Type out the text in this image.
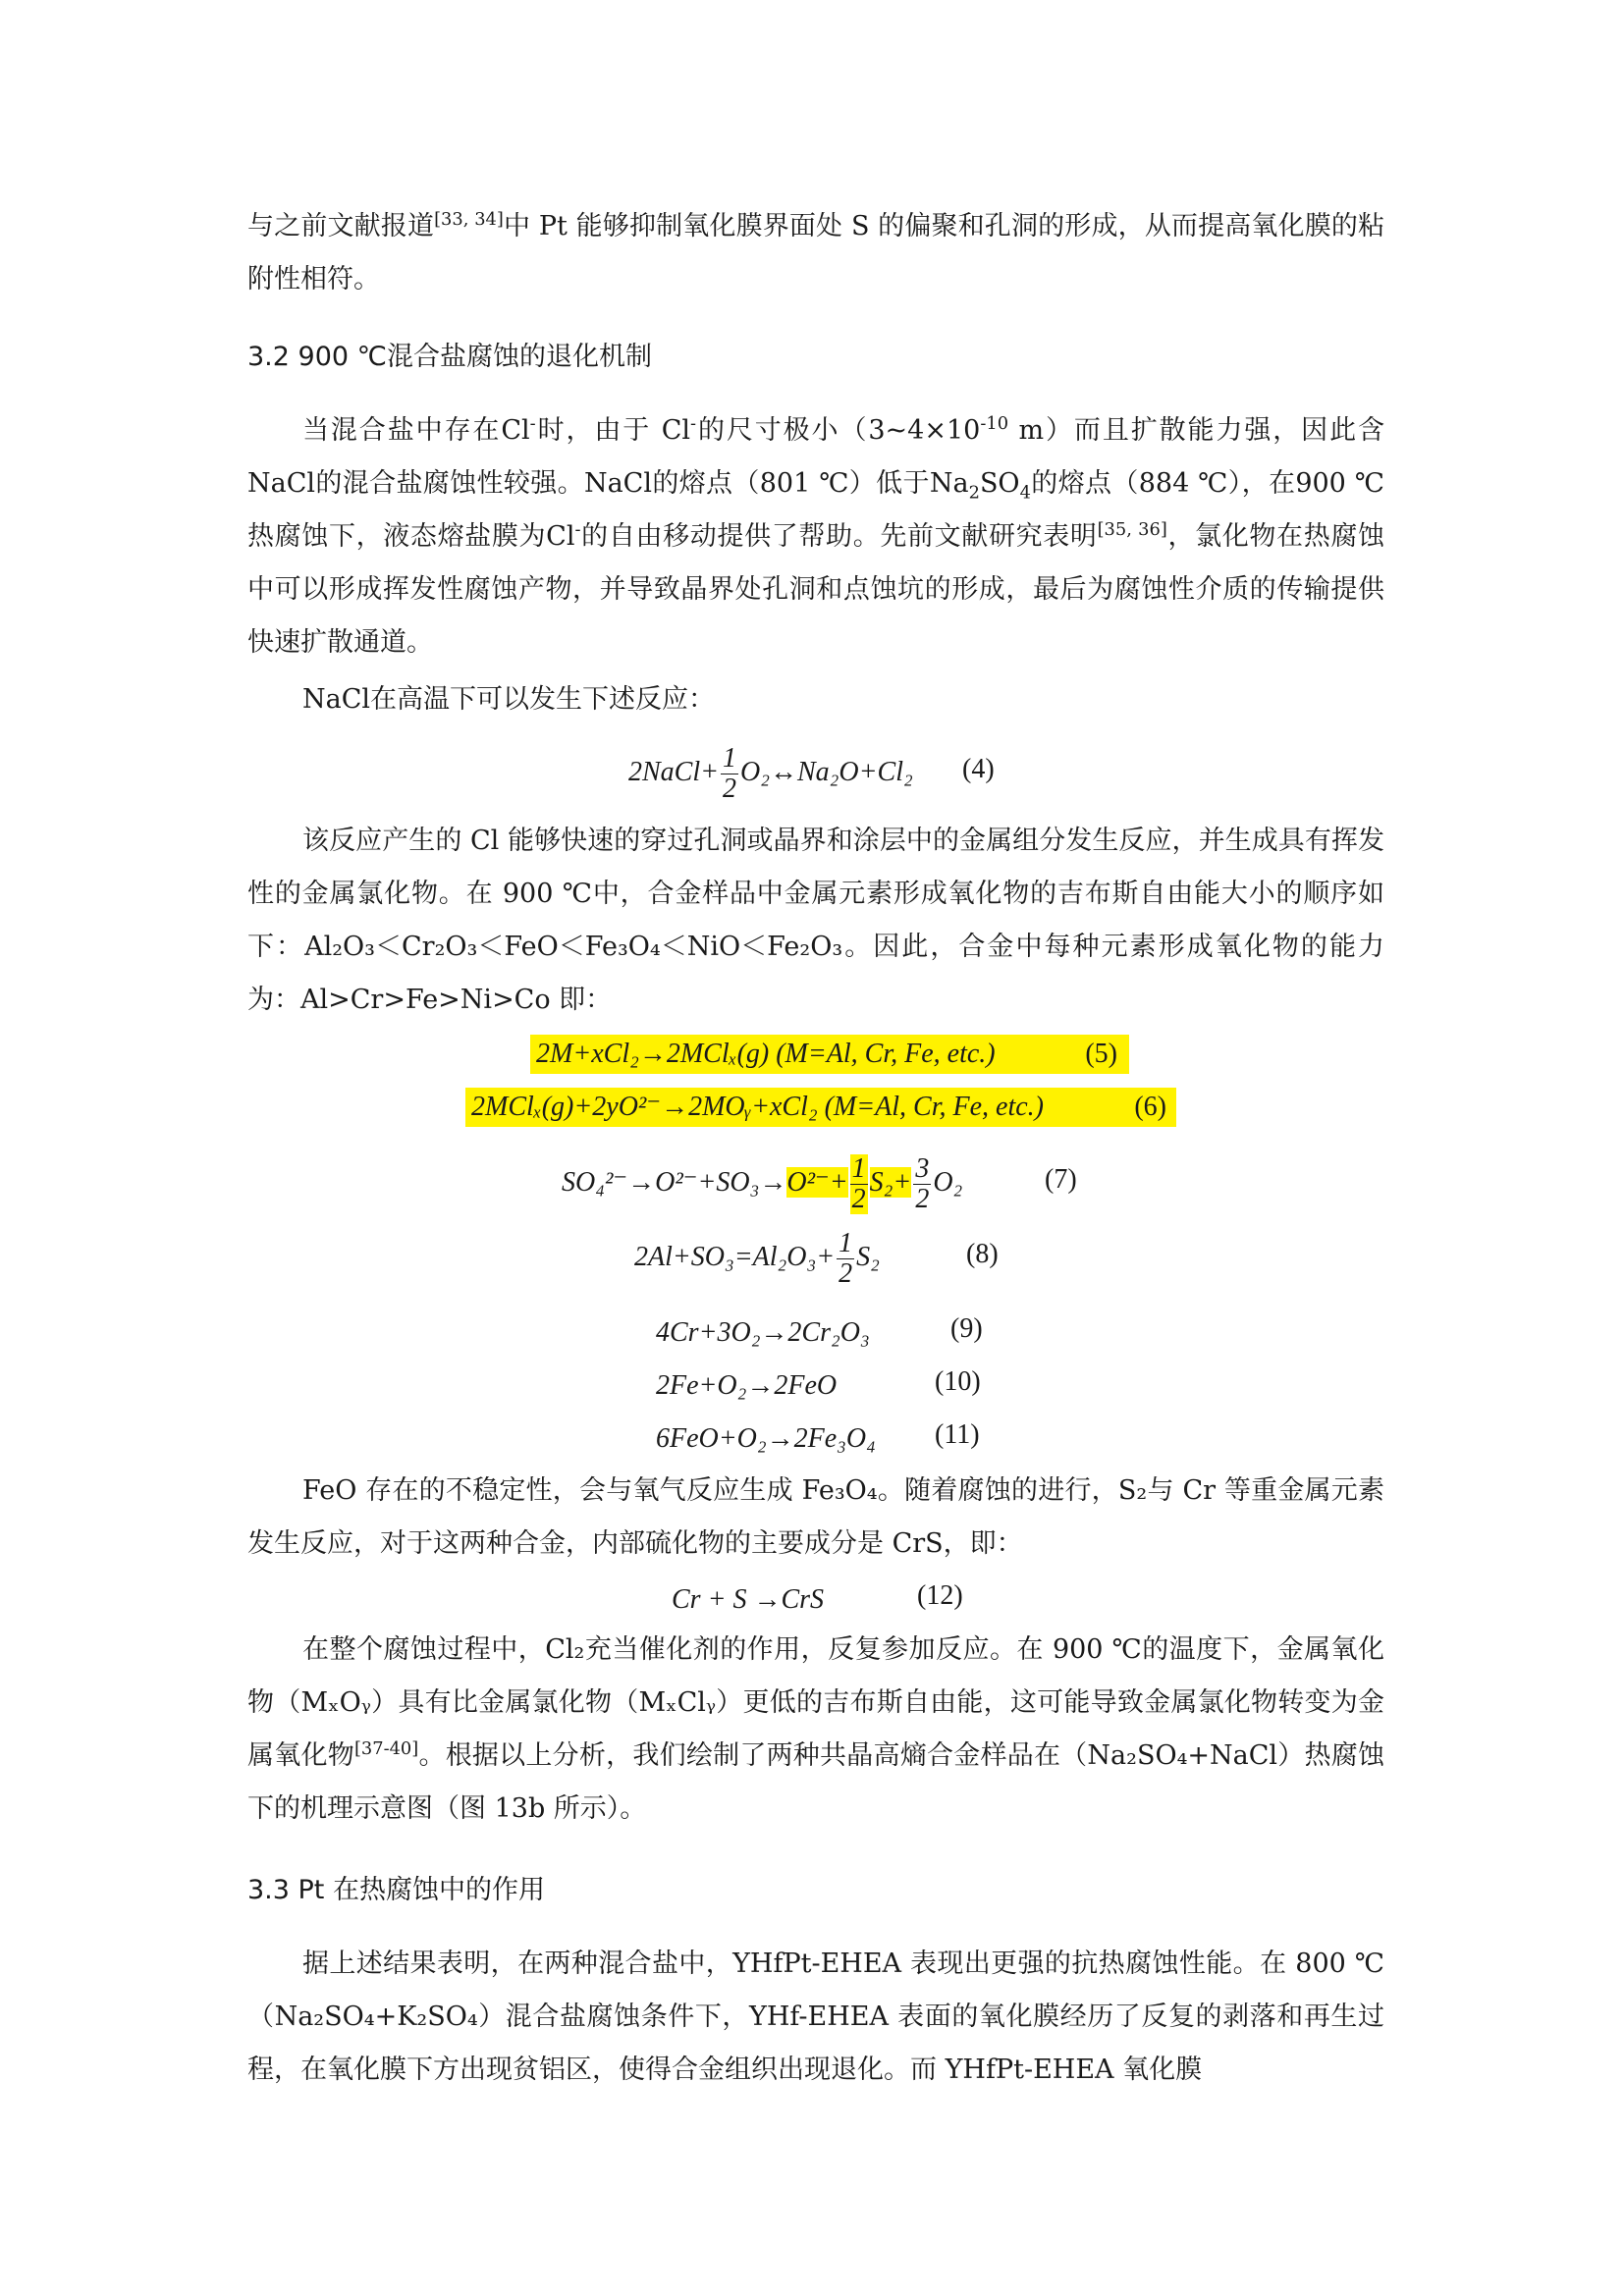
与之前文献报道[33, 34]中 Pt 能够抑制氧化膜界面处 S 的偏聚和孔洞的形成，从而提高氧化膜的粘附性相符。

3.2 900 ℃混合盐腐蚀的退化机制

当混合盐中存在Cl-时，由于 Cl-的尺寸极小（$3\sim 4\times 10^{-10}$ m）而且扩散能力强，因此含NaCl的混合盐腐蚀性较强。NaCl的熔点（801 ℃）低于$Na_2SO_4$的熔点（884 ℃），在900 ℃热腐蚀下，液态熔盐膜为Cl-的自由移动提供了帮助。先前文献研究表明[35, 36]，氯化物在热腐蚀中可以形成挥发性腐蚀产物，并导致晶界处孔洞和点蚀坑的形成，最后为腐蚀性介质的传输提供快速扩散通道。

NaCl在高温下可以发生下述反应：

2NaCl+ $\frac{1}{2}$ O₂↔Na₂O+Cl₂ (4)

该反应产生的 Cl 能够快速的穿过孔洞或晶界和涂层中的金属组分发生反应，并生成具有挥发性的金属氯化物。在 900 ℃中，合金样品中金属元素形成氧化物的吉布斯自由能大小的顺序如下：Al₂O₃＜Cr₂O₃＜FeO＜Fe₃O₄＜NiO＜Fe₂O₃。因此，合金中每种元素形成氧化物的能力为：Al>Cr>Fe>Ni>Co 即：

2M+xCl₂→2MClₓ(g) (M=Al, Cr, Fe, etc.)	(5)
2MClₓ(g)+2yO²⁻→2MOᵧ+xCl₂ (M=Al, Cr, Fe, etc.)	(6)
$SO_4^{2-}\to O^{2-}+SO_3\to O^{2-}+ \frac{1}{2} S_2+ \frac{3}{2} O_2$	(7)
$2Al+SO_3=Al_2O_3+ \frac{1}{2} S_2$	(8)
4Cr+3O₂→2Cr₂O₃	(9)
2Fe+O₂→2FeO	(10)
6FeO+O₂→2Fe₃O₄ (11)

FeO 存在的不稳定性，会与氧气反应生成 Fe₃O₄。随着腐蚀的进行，S₂与 Cr 等重金属元素发生反应，对于这两种合金，内部硫化物的主要成分是 CrS，即：

Cr + S →CrS	(12)

在整个腐蚀过程中，Cl₂充当催化剂的作用，反复参加反应。在 900 ℃的温度下，金属氧化物（MₓOᵧ）具有比金属氯化物（MₓClᵧ）更低的吉布斯自由能，这可能导致金属氯化物转变为金属氧化物[37-40]。根据以上分析，我们绘制了两种共晶高熵合金样品在（Na₂SO₄+NaCl）热腐蚀下的机理示意图（图 13b 所示）。

3.3 Pt 在热腐蚀中的作用

据上述结果表明，在两种混合盐中，YHfPt-EHEA 表现出更强的抗热腐蚀性能。在 800 ℃（Na₂SO₄+K₂SO₄）混合盐腐蚀条件下，YHf-EHEA 表面的氧化膜经历了反复的剥落和再生过程，在氧化膜下方出现贫铝区，使得合金组织出现退化。而 YHfPt-EHEA 氧化膜
